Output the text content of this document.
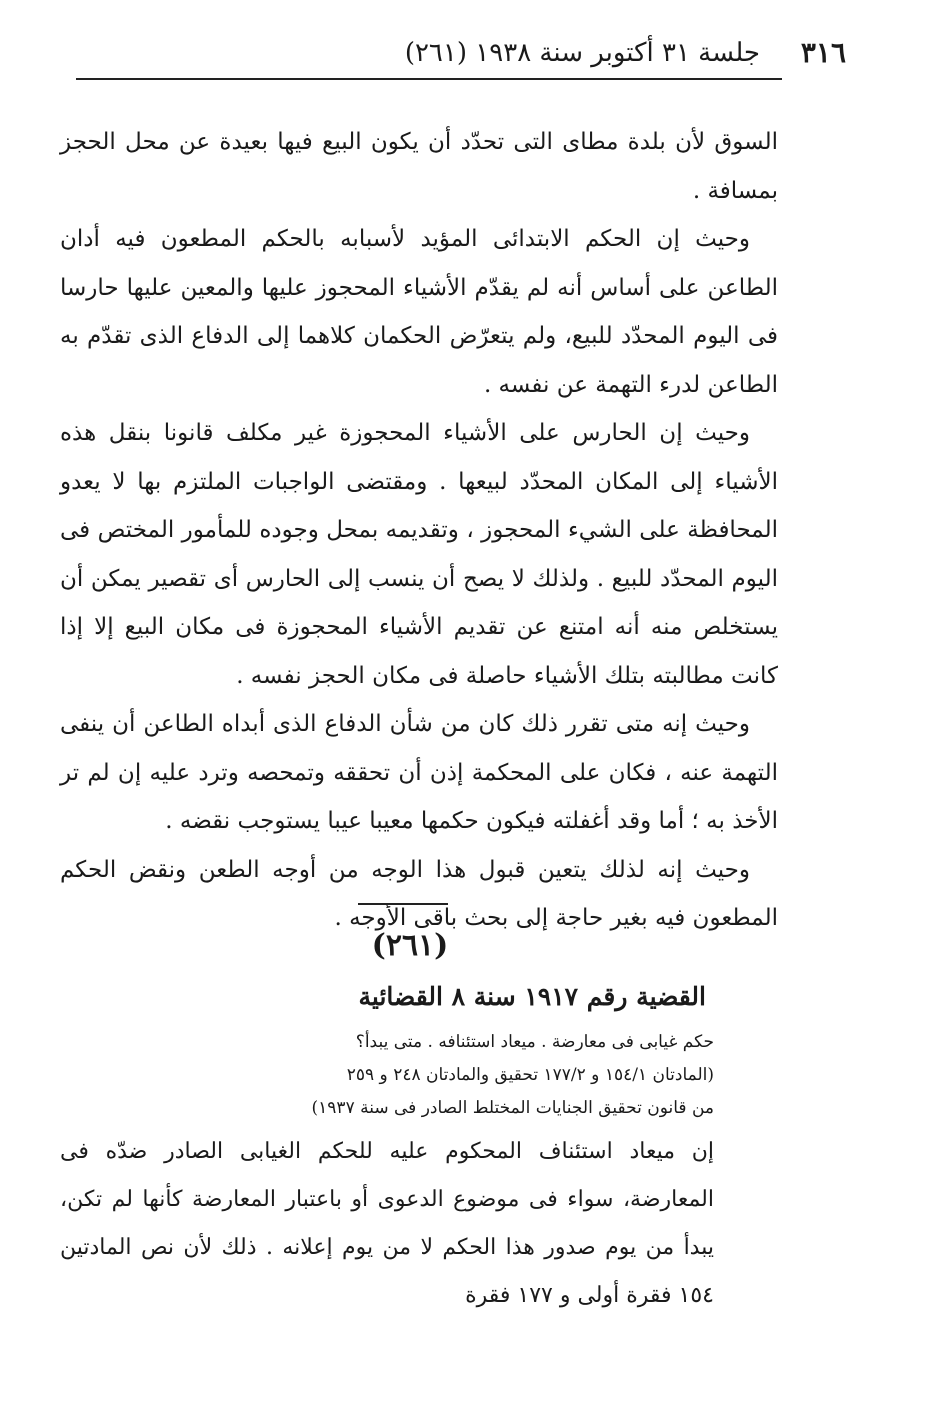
٣١٦
جلسة ٣١ أكتوبر سنة ١٩٣٨ (٢٦١)

السوق لأن بلدة مطاى التى تحدّد أن يكون البيع فيها بعيدة عن محل الحجز بمسافة .

وحيث إن الحكم الابتدائى المؤيد لأسبابه بالحكم المطعون فيه أدان الطاعن على أساس أنه لم يقدّم الأشياء المحجوز عليها والمعين عليها حارسا فى اليوم المحدّد للبيع، ولم يتعرّض الحكمان كلاهما إلى الدفاع الذى تقدّم به الطاعن لدرء التهمة عن نفسه .

وحيث إن الحارس على الأشياء المحجوزة غير مكلف قانونا بنقل هذه الأشياء إلى المكان المحدّد لبيعها . ومقتضى الواجبات الملتزم بها لا يعدو المحافظة على الشيء المحجوز ، وتقديمه بمحل وجوده للمأمور المختص فى اليوم المحدّد للبيع . ولذلك لا يصح أن ينسب إلى الحارس أى تقصير يمكن أن يستخلص منه أنه امتنع عن تقديم الأشياء المحجوزة فى مكان البيع إلا إذا كانت مطالبته بتلك الأشياء حاصلة فى مكان الحجز نفسه .

وحيث إنه متى تقرر ذلك كان من شأن الدفاع الذى أبداه الطاعن أن ينفى التهمة عنه ، فكان على المحكمة إذن أن تحققه وتمحصه وترد عليه إن لم تر الأخذ به ؛ أما وقد أغفلته فيكون حكمها معيبا عيبا يستوجب نقضه .

وحيث إنه لذلك يتعين قبول هذا الوجه من أوجه الطعن ونقض الحكم المطعون فيه بغير حاجة إلى بحث باقى الأوجه .

(٢٦١)
القضية رقم ١٩١٧ سنة ٨ القضائية

حكم غيابى فى معارضة . ميعاد استئنافه . متى يبدأ؟

(المادتان ١٥٤/١ و ١٧٧/٢ تحقيق والمادتان ٢٤٨ و ٢٥٩

من قانون تحقيق الجنايات المختلط الصادر فى سنة ١٩٣٧)

إن ميعاد استئناف المحكوم عليه للحكم الغيابى الصادر ضدّه فى المعارضة، سواء فى موضوع الدعوى أو باعتبار المعارضة كأنها لم تكن، يبدأ من يوم صدور هذا الحكم لا من يوم إعلانه . ذلك لأن نص المادتين ١٥٤ فقرة أولى و ١٧٧ فقرة
